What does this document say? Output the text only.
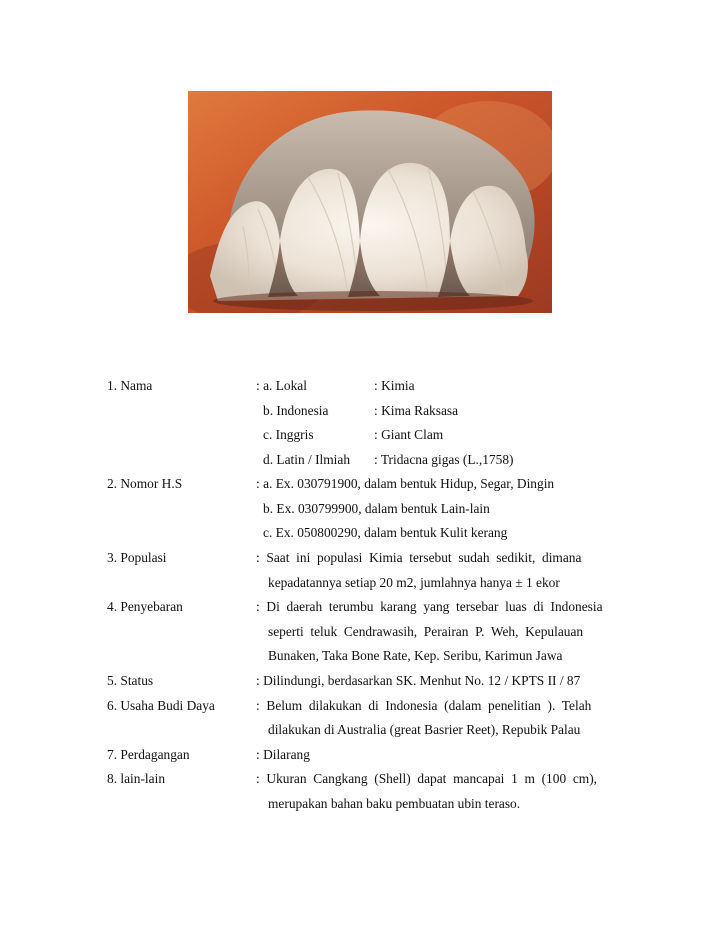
1. Nama	: a. Lokal	: Kimia
b. Indonesia	: Kima Raksasa
c. Inggris	: Giant Clam
d. Latin / Ilmiah : Tridacna gigas (L.,1758)
2. Nomor H.S	: a. Ex. 030791900, dalam bentuk Hidup, Segar, Dingin
b. Ex. 030799900, dalam bentuk Lain-lain
c. Ex. 050800290, dalam bentuk Kulit kerang
3. Populasi	:  Saat  ini  populasi  Kimia  tersebut  sudah  sedikit,  dimana
kepadatannya setiap 20 m2, jumlahnya hanya ± 1 ekor
4. Penyebaran	:  Di  daerah  terumbu  karang  yang  tersebar  luas  di  Indonesia
seperti  teluk  Cendrawasih,  Perairan  P.  Weh,  Kepulauan
Bunaken, Taka Bone Rate, Kep. Seribu, Karimun Jawa
5. Status	: Dilindungi, berdasarkan SK. Menhut No. 12 / KPTS II / 87
6. Usaha Budi Daya	:  Belum  dilakukan  di  Indonesia  (dalam  penelitian  ).  Telah
dilakukan di Australia (great Basrier Reet), Repubik Palau
7. Perdagangan	: Dilarang
8. lain-lain	:  Ukuran  Cangkang  (Shell)  dapat  mancapai  1  m  (100  cm),
merupakan bahan baku pembuatan ubin teraso.
